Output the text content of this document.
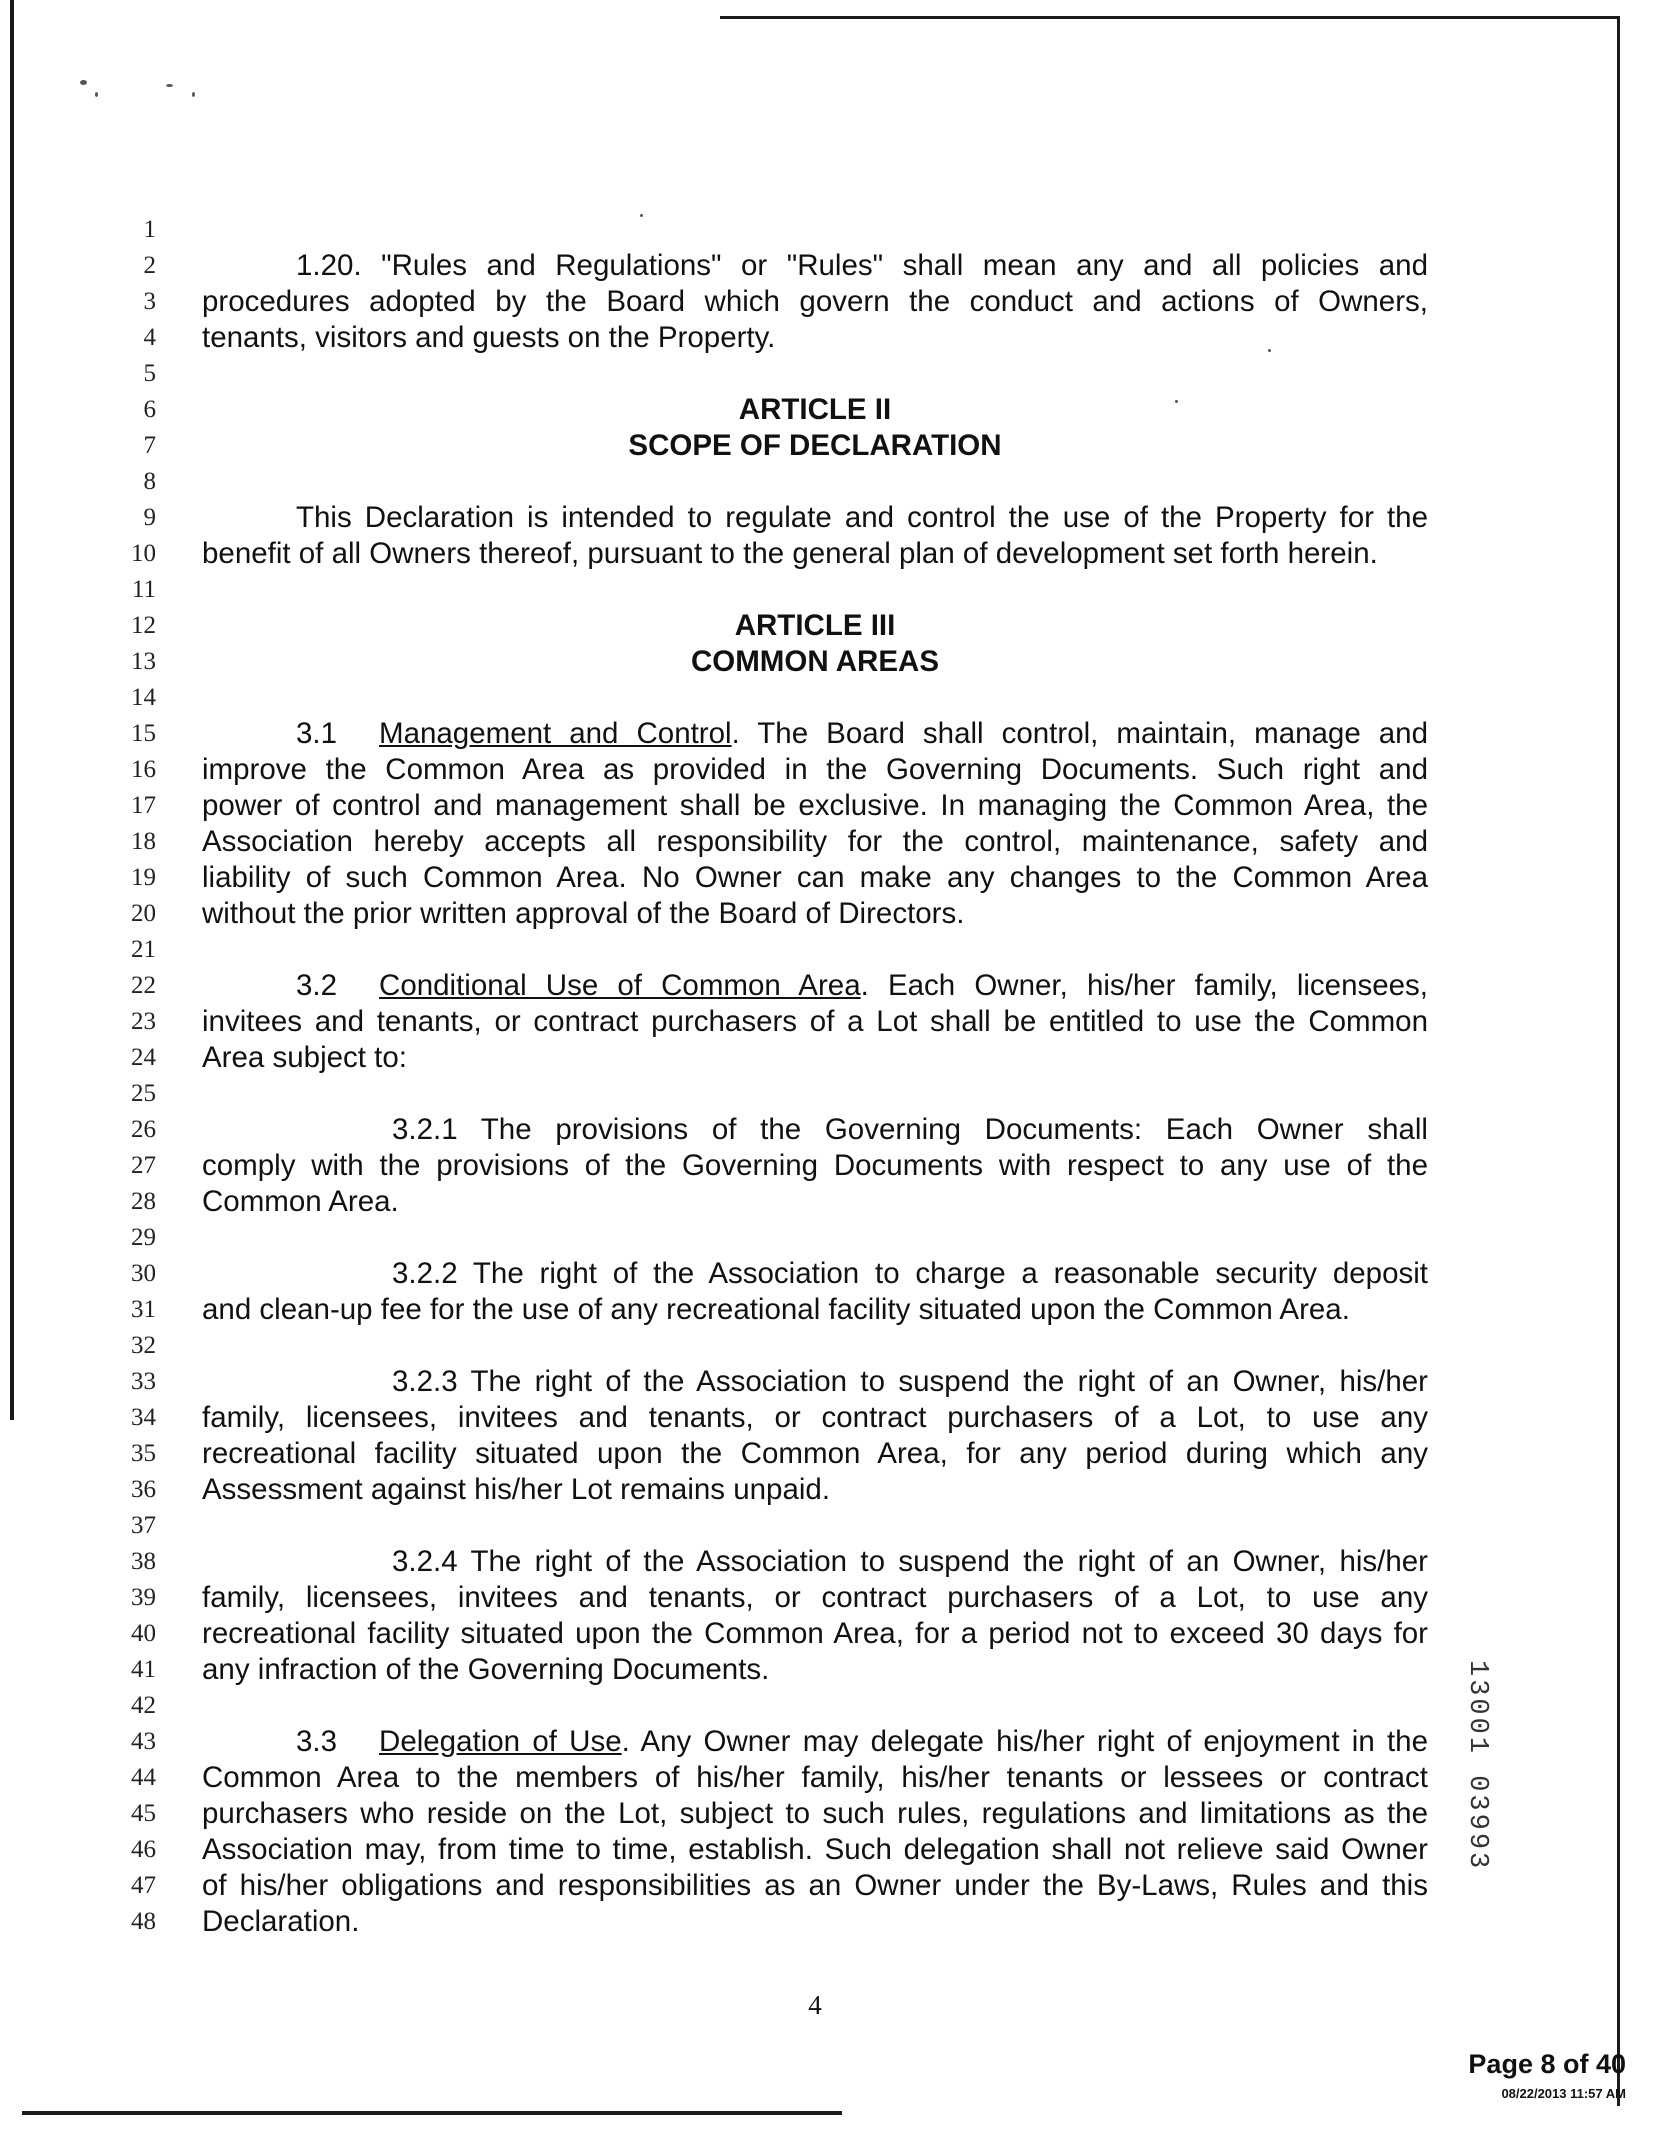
1
2
3
4
5
6
7
8
9
10
11
12
13
14
15
16
17
18
19
20
21
22
23
24
25
26
27
28
29
30
31
32
33
34
35
36
37
38
39
40
41
42
43
44
45
46
47
48
1.20. "Rules and Regulations" or "Rules" shall mean any and all policies and
procedures adopted by the Board which govern the conduct and actions of Owners,
tenants, visitors and guests on the Property.
ARTICLE II
SCOPE OF DECLARATION
This Declaration is intended to regulate and control the use of the Property for the
benefit of all Owners thereof, pursuant to the general plan of development set forth herein.
ARTICLE III
COMMON AREAS
3.1 Management and Control. The Board shall control, maintain, manage and
improve the Common Area as provided in the Governing Documents. Such right and
power of control and management shall be exclusive. In managing the Common Area, the
Association hereby accepts all responsibility for the control, maintenance, safety and
liability of such Common Area. No Owner can make any changes to the Common Area
without the prior written approval of the Board of Directors.
3.2 Conditional Use of Common Area. Each Owner, his/her family, licensees,
invitees and tenants, or contract purchasers of a Lot shall be entitled to use the Common
Area subject to:
3.2.1 The provisions of the Governing Documents: Each Owner shall
comply with the provisions of the Governing Documents with respect to any use of the
Common Area.
3.2.2 The right of the Association to charge a reasonable security deposit
and clean-up fee for the use of any recreational facility situated upon the Common Area.
3.2.3 The right of the Association to suspend the right of an Owner, his/her
family, licensees, invitees and tenants, or contract purchasers of a Lot, to use any
recreational facility situated upon the Common Area, for any period during which any
Assessment against his/her Lot remains unpaid.
3.2.4 The right of the Association to suspend the right of an Owner, his/her
family, licensees, invitees and tenants, or contract purchasers of a Lot, to use any
recreational facility situated upon the Common Area, for a period not to exceed 30 days for
any infraction of the Governing Documents.
3.3 Delegation of Use. Any Owner may delegate his/her right of enjoyment in the
Common Area to the members of his/her family, his/her tenants or lessees or contract
purchasers who reside on the Lot, subject to such rules, regulations and limitations as the
Association may, from time to time, establish. Such delegation shall not relieve said Owner
of his/her obligations and responsibilities as an Owner under the By-Laws, Rules and this
Declaration.
4
Page 8 of 40
08/22/2013 11:57 AM
13001 03993
